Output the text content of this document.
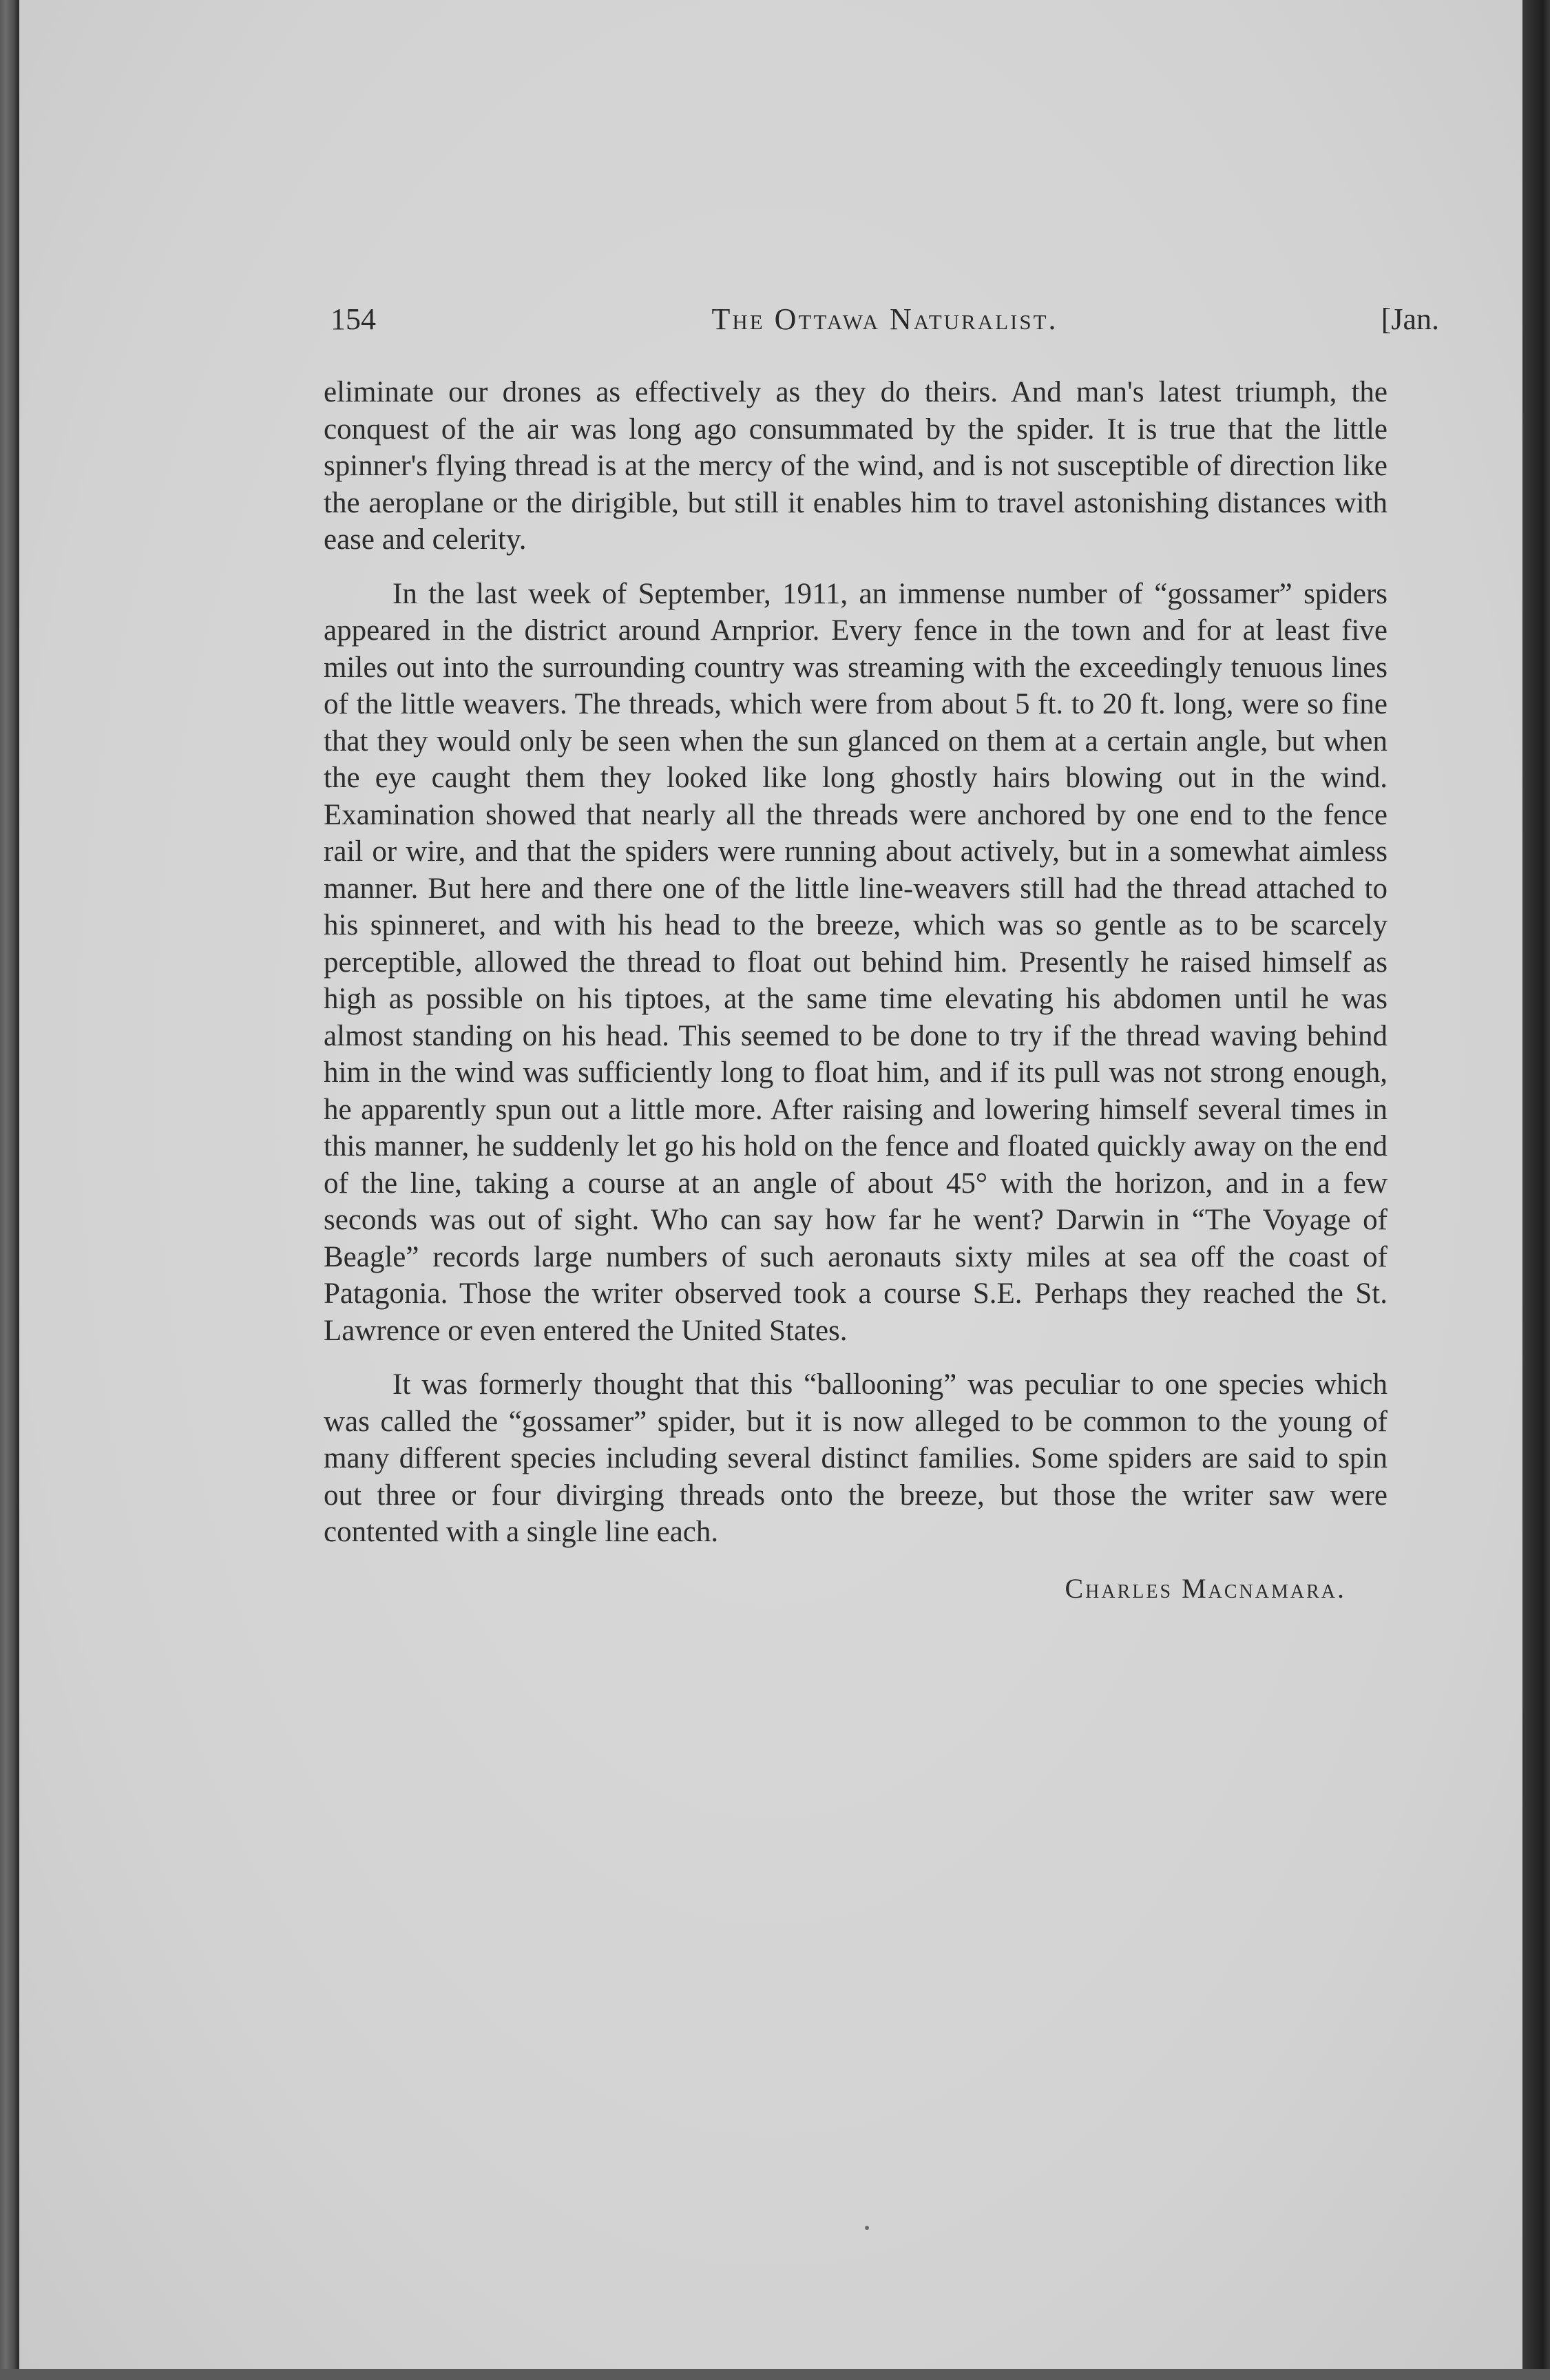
154	The Ottawa Naturalist.	[Jan.

eliminate our drones as effectively as they do theirs. And man's latest triumph, the conquest of the air was long ago consummated by the spider. It is true that the little spinner's flying thread is at the mercy of the wind, and is not susceptible of direction like the aeroplane or the dirigible, but still it enables him to travel astonishing distances with ease and celerity.

In the last week of September, 1911, an immense number of “gossamer” spiders appeared in the district around Arnprior. Every fence in the town and for at least five miles out into the surrounding country was streaming with the exceedingly tenuous lines of the little weavers. The threads, which were from about 5 ft. to 20 ft. long, were so fine that they would only be seen when the sun glanced on them at a certain angle, but when the eye caught them they looked like long ghostly hairs blowing out in the wind. Examination showed that nearly all the threads were anchored by one end to the fence rail or wire, and that the spiders were running about actively, but in a somewhat aimless manner. But here and there one of the little line-weavers still had the thread attached to his spinneret, and with his head to the breeze, which was so gentle as to be scarcely perceptible, allowed the thread to float out behind him. Presently he raised himself as high as possible on his tiptoes, at the same time elevating his abdomen until he was almost standing on his head. This seemed to be done to try if the thread waving behind him in the wind was sufficiently long to float him, and if its pull was not strong enough, he apparently spun out a little more. After raising and lowering himself several times in this manner, he suddenly let go his hold on the fence and floated quickly away on the end of the line, taking a course at an angle of about 45° with the horizon, and in a few seconds was out of sight. Who can say how far he went? Darwin in “The Voyage of Beagle” records large numbers of such aeronauts sixty miles at sea off the coast of Patagonia. Those the writer observed took a course S.E. Perhaps they reached the St. Lawrence or even entered the United States.

It was formerly thought that this “ballooning” was peculiar to one species which was called the “gossamer” spider, but it is now alleged to be common to the young of many different species including several distinct families. Some spiders are said to spin out three or four divirging threads onto the breeze, but those the writer saw were contented with a single line each.

Charles Macnamara.
